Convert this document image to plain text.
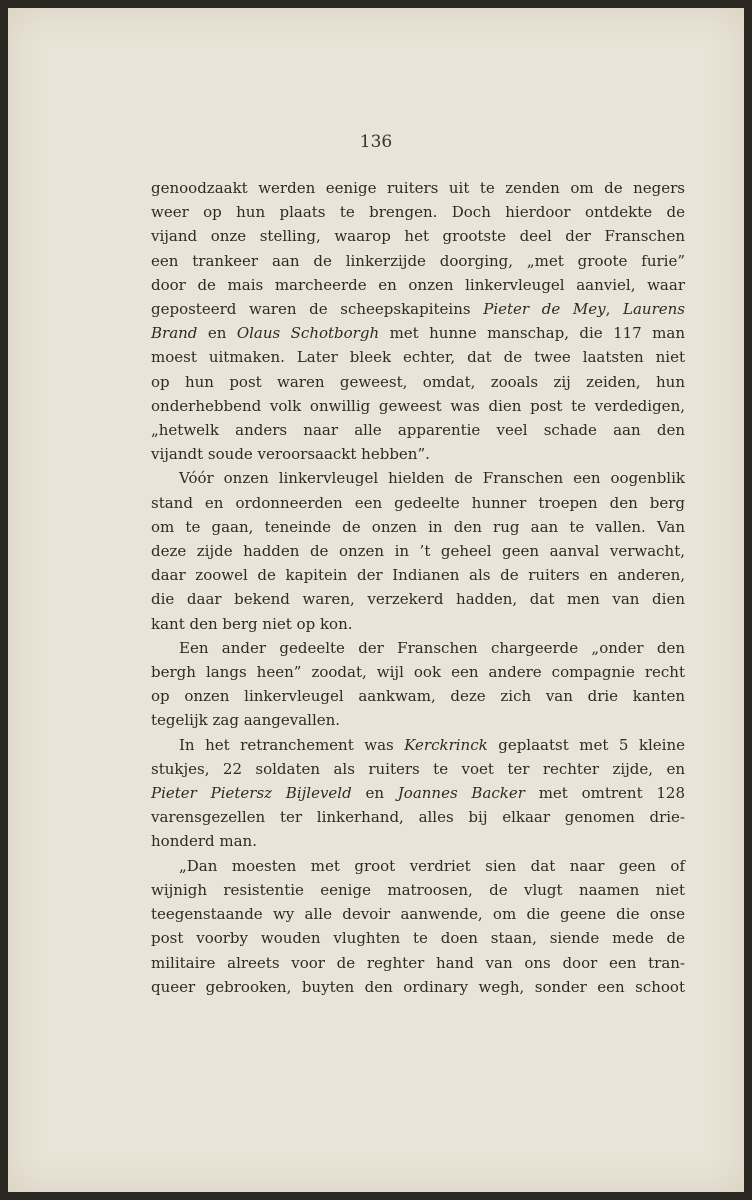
136

genoodzaakt werden eenige ruiters uit te zenden om de negers

weer op hun plaats te brengen. Doch hierdoor ontdekte de

vijand onze stelling, waarop het grootste deel der Franschen

een trankeer aan de linkerzijde doorging, „met groote furie”

door de mais marcheerde en onzen linkervleugel aanviel, waar

geposteerd waren de scheepskapiteins Pieter de Mey, Laurens

Brand en Olaus Schotborgh met hunne manschap, die 117 man

moest uitmaken. Later bleek echter, dat de twee laatsten niet

op hun post waren geweest, omdat, zooals zij zeiden, hun

onderhebbend volk onwillig geweest was dien post te verdedigen,

„hetwelk anders naar alle apparentie veel schade aan den

vijandt soude veroorsaackt hebben”.

Vóór onzen linkervleugel hielden de Franschen een oogenblik

stand en ordonneerden een gedeelte hunner troepen den berg

om te gaan, teneinde de onzen in den rug aan te vallen. Van

deze zijde hadden de onzen in ’t geheel geen aanval verwacht,

daar zoowel de kapitein der Indianen als de ruiters en anderen,

die daar bekend waren, verzekerd hadden, dat men van dien

kant den berg niet op kon.

Een ander gedeelte der Franschen chargeerde „onder den

bergh langs heen” zoodat, wijl ook een andere compagnie recht

op onzen linkervleugel aankwam, deze zich van drie kanten

tegelijk zag aangevallen.

In het retranchement was Kerckrinck geplaatst met 5 kleine

stukjes, 22 soldaten als ruiters te voet ter rechter zijde, en

Pieter Pietersz Bijleveld en Joannes Backer met omtrent 128

varensgezellen ter linkerhand, alles bij elkaar genomen drie-

honderd man.

„Dan moesten met groot verdriet sien dat naar geen of

wijnigh resistentie eenige matroosen, de vlugt naamen niet

teegenstaande wy alle devoir aanwende, om die geene die onse

post voorby wouden vlughten te doen staan, siende mede de

militaire alreets voor de reghter hand van ons door een tran-

queer gebrooken, buyten den ordinary wegh, sonder een schoot
